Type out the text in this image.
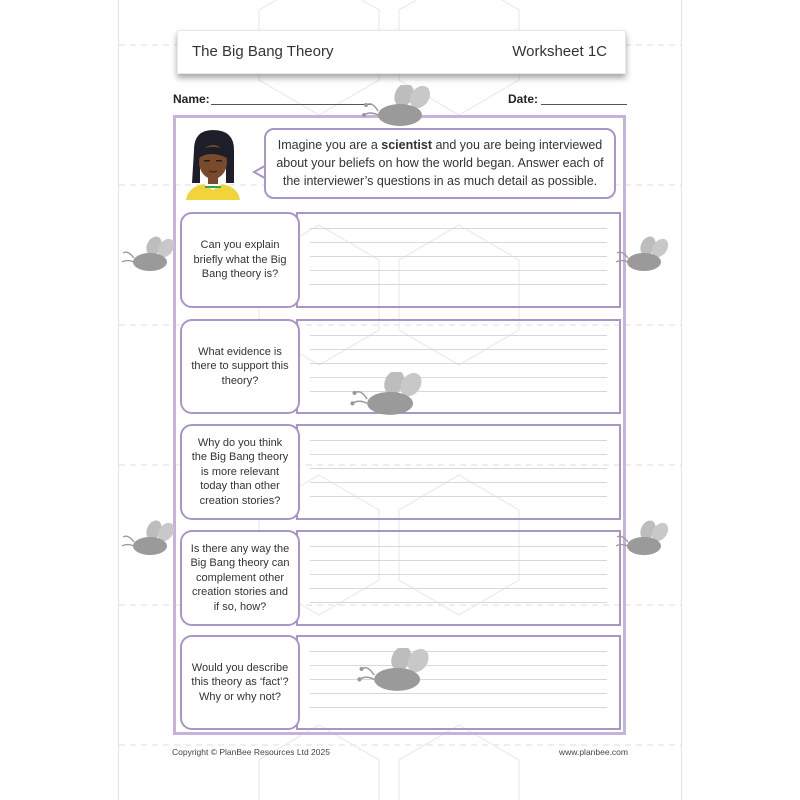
The Big Bang Theory	Worksheet 1C
Name:	Date:
Imagine you are a scientist and you are being interviewed about your beliefs on how the world began. Answer each of the interviewer’s questions in as much detail as possible.
Can you explain briefly what the Big Bang theory is?
What evidence is there to support this theory?
Why do you think the Big Bang theory is more relevant today than other creation stories?
Is there any way the Big Bang theory can complement other creation stories and if so, how?
Would you describe this theory as ‘fact’? Why or why not?
Copyright © PlanBee Resources Ltd 2025	www.planbee.com
